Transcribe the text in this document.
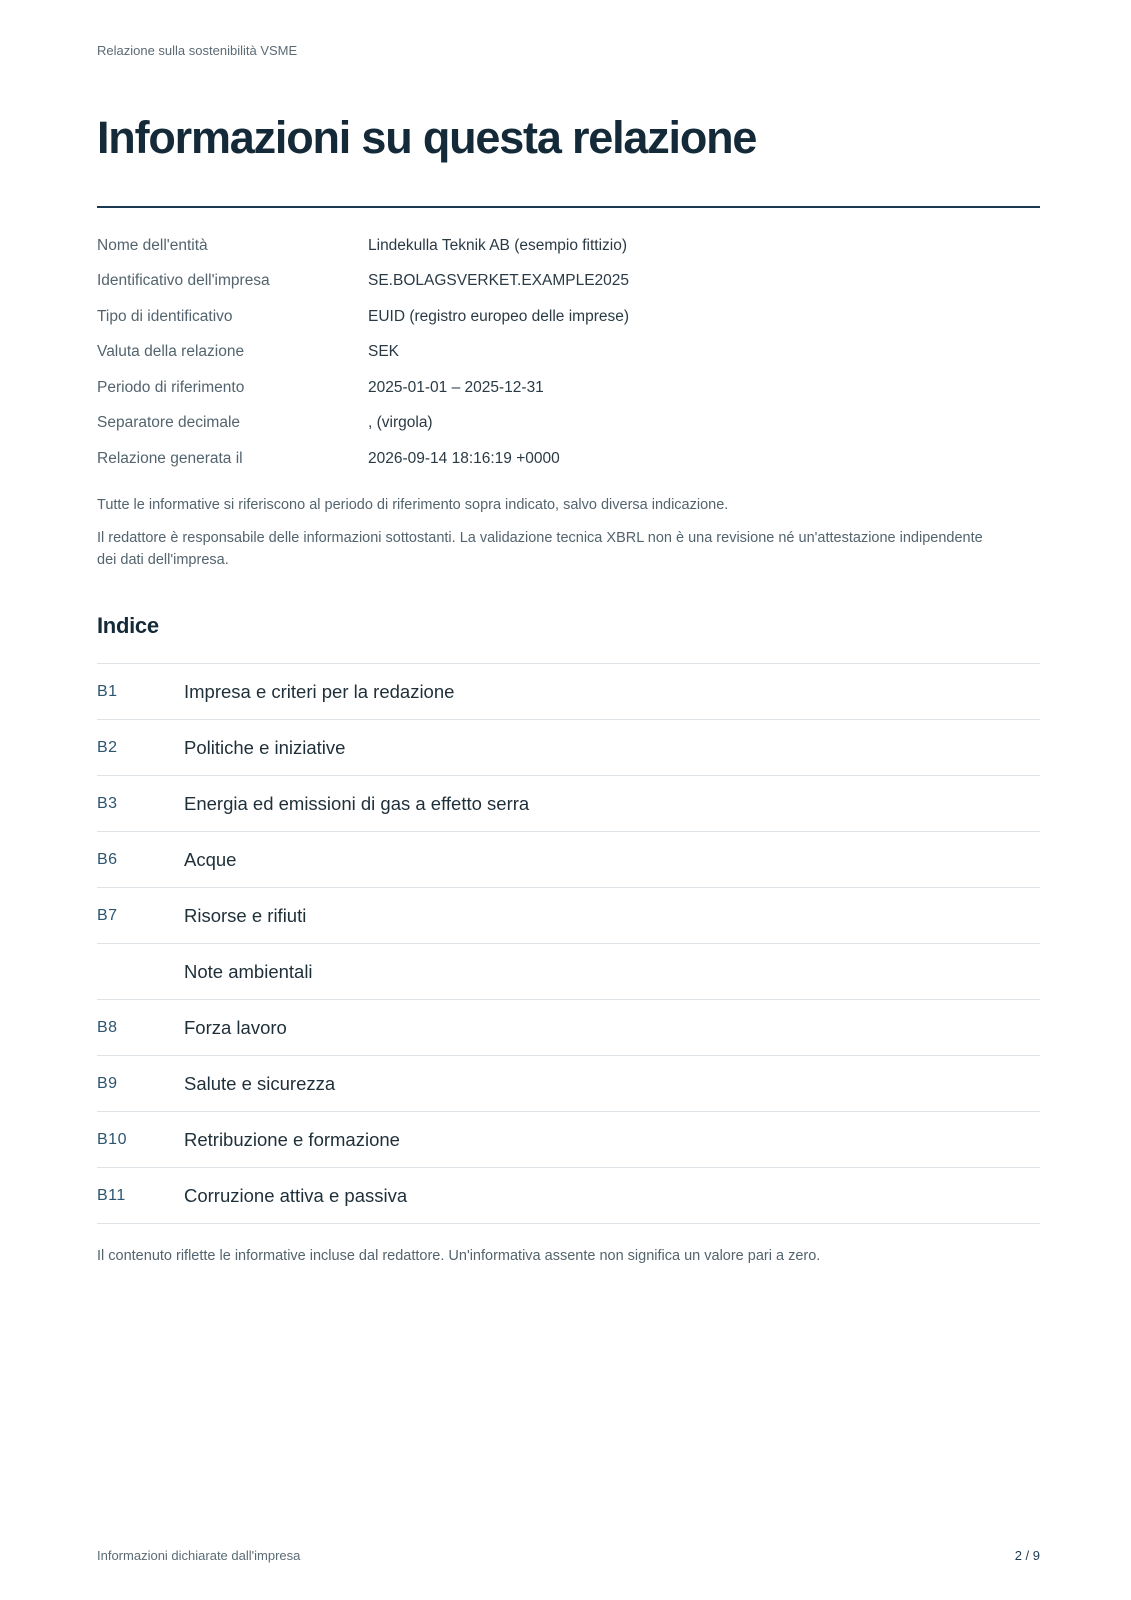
Relazione sulla sostenibilità VSME
Informazioni su questa relazione
Nome dell'entità	Lindekulla Teknik AB (esempio fittizio)
Identificativo dell'impresa	SE.BOLAGSVERKET.EXAMPLE2025
Tipo di identificativo	EUID (registro europeo delle imprese)
Valuta della relazione	SEK
Periodo di riferimento	2025-01-01 – 2025-12-31
Separatore decimale	, (virgola)
Relazione generata il	2026-09-14 18:16:19 +0000

Tutte le informative si riferiscono al periodo di riferimento sopra indicato, salvo diversa indicazione.

Il redattore è responsabile delle informazioni sottostanti. La validazione tecnica XBRL non è una revisione né un'attestazione indipendente dei dati dell'impresa.

Indice
B1	Impresa e criteri per la redazione
B2	Politiche e iniziative
B3	Energia ed emissioni di gas a effetto serra
B6	Acque
B7	Risorse e rifiuti
Note ambientali
B8	Forza lavoro
B9	Salute e sicurezza
B10	Retribuzione e formazione
B11	Corruzione attiva e passiva

Il contenuto riflette le informative incluse dal redattore. Un'informativa assente non significa un valore pari a zero.

Informazioni dichiarate dall'impresa	2 / 9
